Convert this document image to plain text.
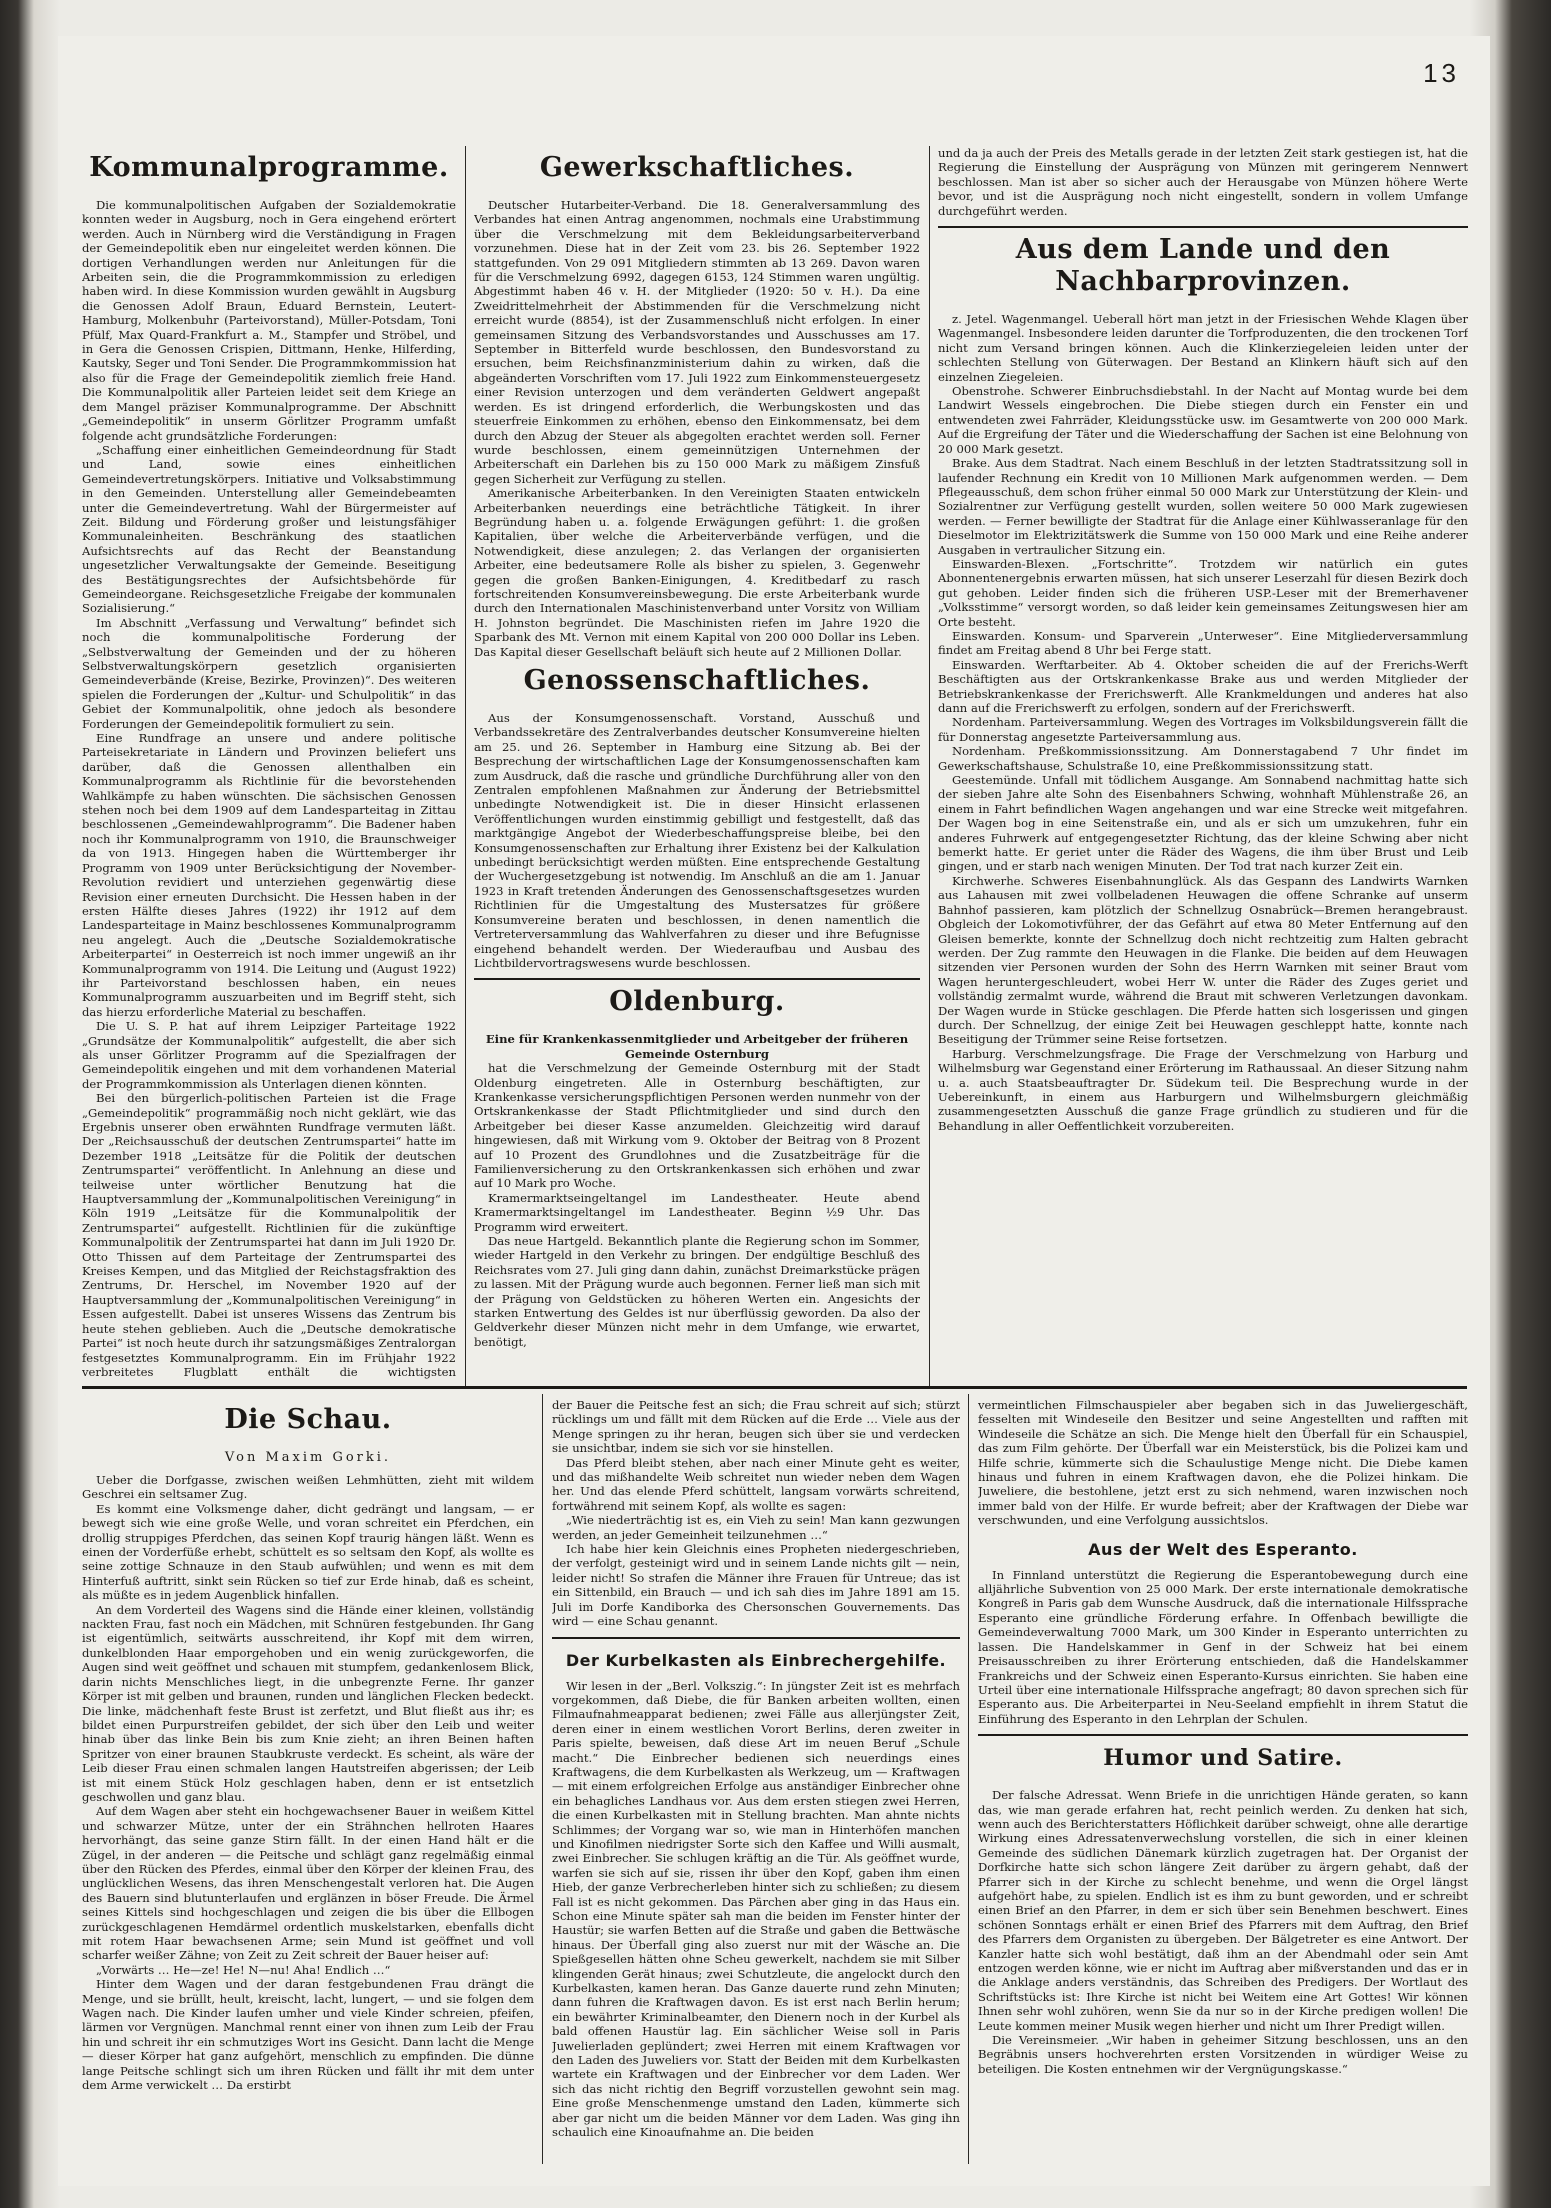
13
Kommunalprogramme.

Die kommunalpolitischen Aufgaben der Sozialdemokratie konnten weder in Augsburg, noch in Gera eingehend erörtert werden. Auch in Nürnberg wird die Verständigung in Fragen der Gemeindepolitik eben nur eingeleitet werden können. Die dortigen Verhandlungen werden nur Anleitungen für die Arbeiten sein, die die Programmkommission zu erledigen haben wird. In diese Kommission wurden gewählt in Augsburg die Genossen Adolf Braun, Eduard Bernstein, Leutert-Hamburg, Molkenbuhr (Parteivorstand), Müller-Potsdam, Toni Pfülf, Max Quard-Frankfurt a. M., Stampfer und Ströbel, und in Gera die Genossen Crispien, Dittmann, Henke, Hilferding, Kautsky, Seger und Toni Sender. Die Programmkommission hat also für die Frage der Gemeindepolitik ziemlich freie Hand. Die Kommunalpolitik aller Parteien leidet seit dem Kriege an dem Mangel präziser Kommunalprogramme. Der Abschnitt „Gemeindepolitik“ in unserm Görlitzer Programm umfaßt folgende acht grundsätzliche Forderungen:

„Schaffung einer einheitlichen Gemeindeordnung für Stadt und Land, sowie eines einheitlichen Gemeindevertretungskörpers. Initiative und Volksabstimmung in den Gemeinden. Unterstellung aller Gemeindebeamten unter die Gemeindevertretung. Wahl der Bürgermeister auf Zeit. Bildung und Förderung großer und leistungsfähiger Kommunaleinheiten. Beschränkung des staatlichen Aufsichtsrechts auf das Recht der Beanstandung ungesetzlicher Verwaltungsakte der Gemeinde. Beseitigung des Bestätigungsrechtes der Aufsichtsbehörde für Gemeindeorgane. Reichsgesetzliche Freigabe der kommunalen Sozialisierung.“

Im Abschnitt „Verfassung und Verwaltung“ befindet sich noch die kommunalpolitische Forderung der „Selbstverwaltung der Gemeinden und der zu höheren Selbstverwaltungskörpern gesetzlich organisierten Gemeindeverbände (Kreise, Bezirke, Provinzen)“. Des weiteren spielen die Forderungen der „Kultur- und Schulpolitik“ in das Gebiet der Kommunalpolitik, ohne jedoch als besondere Forderungen der Gemeindepolitik formuliert zu sein.

Eine Rundfrage an unsere und andere politische Parteisekretariate in Ländern und Provinzen beliefert uns darüber, daß die Genossen allenthalben ein Kommunalprogramm als Richtlinie für die bevorstehenden Wahlkämpfe zu haben wünschten. Die sächsischen Genossen stehen noch bei dem 1909 auf dem Landesparteitag in Zittau beschlossenen „Gemeindewahlprogramm“. Die Badener haben noch ihr Kommunalprogramm von 1910, die Braunschweiger da von 1913. Hingegen haben die Württemberger ihr Programm von 1909 unter Berücksichtigung der November-Revolution revidiert und unterziehen gegenwärtig diese Revision einer erneuten Durchsicht. Die Hessen haben in der ersten Hälfte dieses Jahres (1922) ihr 1912 auf dem Landesparteitage in Mainz beschlossenes Kommunalprogramm neu angelegt. Auch die „Deutsche Sozialdemokratische Arbeiterpartei“ in Oesterreich ist noch immer ungewiß an ihr Kommunalprogramm von 1914. Die Leitung und (August 1922) ihr Parteivorstand beschlossen haben, ein neues Kommunalprogramm auszuarbeiten und im Begriff steht, sich das hierzu erforderliche Material zu beschaffen.

Die U. S. P. hat auf ihrem Leipziger Parteitage 1922 „Grundsätze der Kommunalpolitik“ aufgestellt, die aber sich als unser Görlitzer Programm auf die Spezialfragen der Gemeindepolitik eingehen und mit dem vorhandenen Material der Programmkommission als Unterlagen dienen könnten.

Bei den bürgerlich-politischen Parteien ist die Frage „Gemeindepolitik“ programmäßig noch nicht geklärt, wie das Ergebnis unserer oben erwähnten Rundfrage vermuten läßt. Der „Reichsausschuß der deutschen Zentrumspartei“ hatte im Dezember 1918 „Leitsätze für die Politik der deutschen Zentrumspartei“ veröffentlicht. In Anlehnung an diese und teilweise unter wörtlicher Benutzung hat die Hauptversammlung der „Kommunalpolitischen Vereinigung“ in Köln 1919 „Leitsätze für die Kommunalpolitik der Zentrumspartei“ aufgestellt. Richtlinien für die zukünftige Kommunalpolitik der Zentrumspartei hat dann im Juli 1920 Dr. Otto Thissen auf dem Parteitage der Zentrumspartei des Kreises Kempen, und das Mitglied der Reichstagsfraktion des Zentrums, Dr. Herschel, im November 1920 auf der Hauptversammlung der „Kommunalpolitischen Vereinigung“ in Essen aufgestellt. Dabei ist unseres Wissens das Zentrum bis heute stehen geblieben. Auch die „Deutsche demokratische Partei“ ist noch heute durch ihr satzungsmäßiges Zentralorgan festgesetztes Kommunalprogramm. Ein im Frühjahr 1922 verbreitetes Flugblatt enthält die wichtigsten

Gewerkschaftliches.

Deutscher Hutarbeiter-Verband. Die 18. Generalversammlung des Verbandes hat einen Antrag angenommen, nochmals eine Urabstimmung über die Verschmelzung mit dem Bekleidungsarbeiterverband vorzunehmen. Diese hat in der Zeit vom 23. bis 26. September 1922 stattgefunden. Von 29 091 Mitgliedern stimmten ab 13 269. Davon waren für die Verschmelzung 6992, dagegen 6153, 124 Stimmen waren ungültig. Abgestimmt haben 46 v. H. der Mitglieder (1920: 50 v. H.). Da eine Zweidrittelmehrheit der Abstimmenden für die Verschmelzung nicht erreicht wurde (8854), ist der Zusammenschluß nicht erfolgen. In einer gemeinsamen Sitzung des Verbandsvorstandes und Ausschusses am 17. September in Bitterfeld wurde beschlossen, den Bundesvorstand zu ersuchen, beim Reichsfinanzministerium dahin zu wirken, daß die abgeänderten Vorschriften vom 17. Juli 1922 zum Einkommensteuergesetz einer Revision unterzogen und dem veränderten Geldwert angepaßt werden. Es ist dringend erforderlich, die Werbungskosten und das steuerfreie Einkommen zu erhöhen, ebenso den Einkommensatz, bei dem durch den Abzug der Steuer als abgegolten erachtet werden soll. Ferner wurde beschlossen, einem gemeinnützigen Unternehmen der Arbeiterschaft ein Darlehen bis zu 150 000 Mark zu mäßigem Zinsfuß gegen Sicherheit zur Verfügung zu stellen.

Amerikanische Arbeiterbanken. In den Vereinigten Staaten entwickeln Arbeiterbanken neuerdings eine beträchtliche Tätigkeit. In ihrer Begründung haben u. a. folgende Erwägungen geführt: 1. die großen Kapitalien, über welche die Arbeiterverbände verfügen, und die Notwendigkeit, diese anzulegen; 2. das Verlangen der organisierten Arbeiter, eine bedeutsamere Rolle als bisher zu spielen, 3. Gegenwehr gegen die großen Banken-Einigungen, 4. Kreditbedarf zu rasch fortschreitenden Konsumvereinsbewegung. Die erste Arbeiterbank wurde durch den Internationalen Maschinistenverband unter Vorsitz von William H. Johnston begründet. Die Maschinisten riefen im Jahre 1920 die Sparbank des Mt. Vernon mit einem Kapital von 200 000 Dollar ins Leben. Das Kapital dieser Gesellschaft beläuft sich heute auf 2 Millionen Dollar.

Genossenschaftliches.

Aus der Konsumgenossenschaft. Vorstand, Ausschuß und Verbandssekretäre des Zentralverbandes deutscher Konsumvereine hielten am 25. und 26. September in Hamburg eine Sitzung ab. Bei der Besprechung der wirtschaftlichen Lage der Konsumgenossenschaften kam zum Ausdruck, daß die rasche und gründliche Durchführung aller von den Zentralen empfohlenen Maßnahmen zur Änderung der Betriebsmittel unbedingte Notwendigkeit ist. Die in dieser Hinsicht erlassenen Veröffentlichungen wurden einstimmig gebilligt und festgestellt, daß das marktgängige Angebot der Wiederbeschaffungspreise bleibe, bei den Konsumgenossenschaften zur Erhaltung ihrer Existenz bei der Kalkulation unbedingt berücksichtigt werden müßten. Eine entsprechende Gestaltung der Wuchergesetzgebung ist notwendig. Im Anschluß an die am 1. Januar 1923 in Kraft tretenden Änderungen des Genossenschaftsgesetzes wurden Richtlinien für die Umgestaltung des Mustersatzes für größere Konsumvereine beraten und beschlossen, in denen namentlich die Vertreterversammlung das Wahlverfahren zu dieser und ihre Befugnisse eingehend behandelt werden. Der Wiederaufbau und Ausbau des Lichtbildervortragswesens wurde beschlossen.

Oldenburg.

Eine für Krankenkassenmitglieder und Arbeitgeber der früheren Gemeinde Osternburg

hat die Verschmelzung der Gemeinde Osternburg mit der Stadt Oldenburg eingetreten. Alle in Osternburg beschäftigten, zur Krankenkasse versicherungspflichtigen Personen werden nunmehr von der Ortskrankenkasse der Stadt Pflichtmitglieder und sind durch den Arbeitgeber bei dieser Kasse anzumelden. Gleichzeitig wird darauf hingewiesen, daß mit Wirkung vom 9. Oktober der Beitrag von 8 Prozent auf 10 Prozent des Grundlohnes und die Zusatzbeiträge für die Familienversicherung zu den Ortskrankenkassen sich erhöhen und zwar auf 10 Mark pro Woche.

Kramermarktseingeltangel im Landestheater. Heute abend Kramermarktsingeltangel im Landestheater. Beginn ½9 Uhr. Das Programm wird erweitert.

Das neue Hartgeld. Bekanntlich plante die Regierung schon im Sommer, wieder Hartgeld in den Verkehr zu bringen. Der endgültige Beschluß des Reichsrates vom 27. Juli ging dann dahin, zunächst Dreimarkstücke prägen zu lassen. Mit der Prägung wurde auch begonnen. Ferner ließ man sich mit der Prägung von Geldstücken zu höheren Werten ein. Angesichts der starken Entwertung des Geldes ist nur überflüssig geworden. Da also der Geldverkehr dieser Münzen nicht mehr in dem Umfange, wie erwartet, benötigt,

und da ja auch der Preis des Metalls gerade in der letzten Zeit stark gestiegen ist, hat die Regierung die Einstellung der Ausprägung von Münzen mit geringerem Nennwert beschlossen. Man ist aber so sicher auch der Herausgabe von Münzen höhere Werte bevor, und ist die Ausprägung noch nicht eingestellt, sondern in vollem Umfange durchgeführt werden.

Aus dem Lande und den Nachbarprovinzen.

z. Jetel. Wagenmangel. Ueberall hört man jetzt in der Friesischen Wehde Klagen über Wagenmangel. Insbesondere leiden darunter die Torfproduzenten, die den trockenen Torf nicht zum Versand bringen können. Auch die Klinkerziegeleien leiden unter der schlechten Stellung von Güterwagen. Der Bestand an Klinkern häuft sich auf den einzelnen Ziegeleien.

Obenstrohe. Schwerer Einbruchsdiebstahl. In der Nacht auf Montag wurde bei dem Landwirt Wessels eingebrochen. Die Diebe stiegen durch ein Fenster ein und entwendeten zwei Fahrräder, Kleidungsstücke usw. im Gesamtwerte von 200 000 Mark. Auf die Ergreifung der Täter und die Wiederschaffung der Sachen ist eine Belohnung von 20 000 Mark gesetzt.

Brake. Aus dem Stadtrat. Nach einem Beschluß in der letzten Stadtratssitzung soll in laufender Rechnung ein Kredit von 10 Millionen Mark aufgenommen werden. — Dem Pflegeausschuß, dem schon früher einmal 50 000 Mark zur Unterstützung der Klein- und Sozialrentner zur Verfügung gestellt wurden, sollen weitere 50 000 Mark zugewiesen werden. — Ferner bewilligte der Stadtrat für die Anlage einer Kühlwasseranlage für den Dieselmotor im Elektrizitätswerk die Summe von 150 000 Mark und eine Reihe anderer Ausgaben in vertraulicher Sitzung ein.

Einswarden-Blexen. „Fortschritte“. Trotzdem wir natürlich ein gutes Abonnentenergebnis erwarten müssen, hat sich unserer Leserzahl für diesen Bezirk doch gut gehoben. Leider finden sich die früheren USP.-Leser mit der Bremerhavener „Volksstimme“ versorgt worden, so daß leider kein gemeinsames Zeitungswesen hier am Orte besteht.

Einswarden. Konsum- und Sparverein „Unterweser“. Eine Mitgliederversammlung findet am Freitag abend 8 Uhr bei Ferge statt.

Einswarden. Werftarbeiter. Ab 4. Oktober scheiden die auf der Frerichs-Werft Beschäftigten aus der Ortskrankenkasse Brake aus und werden Mitglieder der Betriebskrankenkasse der Frerichswerft. Alle Krankmeldungen und anderes hat also dann auf die Frerichswerft zu erfolgen, sondern auf der Frerichswerft.

Nordenham. Parteiversammlung. Wegen des Vortrages im Volksbildungsverein fällt die für Donnerstag angesetzte Parteiversammlung aus.

Nordenham. Preßkommissionssitzung. Am Donnerstagabend 7 Uhr findet im Gewerkschaftshause, Schulstraße 10, eine Preßkommissionssitzung statt.

Geestemünde. Unfall mit tödlichem Ausgange. Am Sonnabend nachmittag hatte sich der sieben Jahre alte Sohn des Eisenbahners Schwing, wohnhaft Mühlenstraße 26, an einem in Fahrt befindlichen Wagen angehangen und war eine Strecke weit mitgefahren. Der Wagen bog in eine Seitenstraße ein, und als er sich um umzukehren, fuhr ein anderes Fuhrwerk auf entgegengesetzter Richtung, das der kleine Schwing aber nicht bemerkt hatte. Er geriet unter die Räder des Wagens, die ihm über Brust und Leib gingen, und er starb nach wenigen Minuten. Der Tod trat nach kurzer Zeit ein.

Kirchwerhe. Schweres Eisenbahnunglück. Als das Gespann des Landwirts Warnken aus Lahausen mit zwei vollbeladenen Heuwagen die offene Schranke auf unserm Bahnhof passieren, kam plötzlich der Schnellzug Osnabrück—Bremen herangebraust. Obgleich der Lokomotivführer, der das Gefährt auf etwa 80 Meter Entfernung auf den Gleisen bemerkte, konnte der Schnellzug doch nicht rechtzeitig zum Halten gebracht werden. Der Zug rammte den Heuwagen in die Flanke. Die beiden auf dem Heuwagen sitzenden vier Personen wurden der Sohn des Herrn Warnken mit seiner Braut vom Wagen heruntergeschleudert, wobei Herr W. unter die Räder des Zuges geriet und vollständig zermalmt wurde, während die Braut mit schweren Verletzungen davonkam. Der Wagen wurde in Stücke geschlagen. Die Pferde hatten sich losgerissen und gingen durch. Der Schnellzug, der einige Zeit bei Heuwagen geschleppt hatte, konnte nach Beseitigung der Trümmer seine Reise fortsetzen.

Harburg. Verschmelzungsfrage. Die Frage der Verschmelzung von Harburg und Wilhelmsburg war Gegenstand einer Erörterung im Rathaussaal. An dieser Sitzung nahm u. a. auch Staatsbeauftragter Dr. Südekum teil. Die Besprechung wurde in der Uebereinkunft, in einem aus Harburgern und Wilhelmsburgern gleichmäßig zusammengesetzten Ausschuß die ganze Frage gründlich zu studieren und für die Behandlung in aller Oeffentlichkeit vorzubereiten.

Die Schau.
Von Maxim Gorki.

Ueber die Dorfgasse, zwischen weißen Lehmhütten, zieht mit wildem Geschrei ein seltsamer Zug.

Es kommt eine Volksmenge daher, dicht gedrängt und langsam, — er bewegt sich wie eine große Welle, und voran schreitet ein Pferdchen, ein drollig struppiges Pferdchen, das seinen Kopf traurig hängen läßt. Wenn es einen der Vorderfüße erhebt, schüttelt es so seltsam den Kopf, als wollte es seine zottige Schnauze in den Staub aufwühlen; und wenn es mit dem Hinterfuß auftritt, sinkt sein Rücken so tief zur Erde hinab, daß es scheint, als müßte es in jedem Augenblick hinfallen.

An dem Vorderteil des Wagens sind die Hände einer kleinen, vollständig nackten Frau, fast noch ein Mädchen, mit Schnüren festgebunden. Ihr Gang ist eigentümlich, seitwärts ausschreitend, ihr Kopf mit dem wirren, dunkelblonden Haar emporgehoben und ein wenig zurückgeworfen, die Augen sind weit geöffnet und schauen mit stumpfem, gedankenlosem Blick, darin nichts Menschliches liegt, in die unbegrenzte Ferne. Ihr ganzer Körper ist mit gelben und braunen, runden und länglichen Flecken bedeckt. Die linke, mädchenhaft feste Brust ist zerfetzt, und Blut fließt aus ihr; es bildet einen Purpurstreifen gebildet, der sich über den Leib und weiter hinab über das linke Bein bis zum Knie zieht; an ihren Beinen haften Spritzer von einer braunen Staubkruste verdeckt. Es scheint, als wäre der Leib dieser Frau einen schmalen langen Hautstreifen abgerissen; der Leib ist mit einem Stück Holz geschlagen haben, denn er ist entsetzlich geschwollen und ganz blau.

Auf dem Wagen aber steht ein hochgewachsener Bauer in weißem Kittel und schwarzer Mütze, unter der ein Strähnchen hellroten Haares hervorhängt, das seine ganze Stirn fällt. In der einen Hand hält er die Zügel, in der anderen — die Peitsche und schlägt ganz regelmäßig einmal über den Rücken des Pferdes, einmal über den Körper der kleinen Frau, des unglücklichen Wesens, das ihren Menschengestalt verloren hat. Die Augen des Bauern sind blutunterlaufen und erglänzen in böser Freude. Die Ärmel seines Kittels sind hochgeschlagen und zeigen die bis über die Ellbogen zurückgeschlagenen Hemdärmel ordentlich muskelstarken, ebenfalls dicht mit rotem Haar bewachsenen Arme; sein Mund ist geöffnet und voll scharfer weißer Zähne; von Zeit zu Zeit schreit der Bauer heiser auf:

„Vorwärts … He—ze! He! N—nu! Aha! Endlich …“

Hinter dem Wagen und der daran festgebundenen Frau drängt die Menge, und sie brüllt, heult, kreischt, lacht, lungert, — und sie folgen dem Wagen nach. Die Kinder laufen umher und viele Kinder schreien, pfeifen, lärmen vor Vergnügen. Manchmal rennt einer von ihnen zum Leib der Frau hin und schreit ihr ein schmutziges Wort ins Gesicht. Dann lacht die Menge — dieser Körper hat ganz aufgehört, menschlich zu empfinden. Die dünne lange Peitsche schlingt sich um ihren Rücken und fällt ihr mit dem unter dem Arme verwickelt … Da erstirbt

der Bauer die Peitsche fest an sich; die Frau schreit auf sich; stürzt rücklings um und fällt mit dem Rücken auf die Erde … Viele aus der Menge springen zu ihr heran, beugen sich über sie und verdecken sie unsichtbar, indem sie sich vor sie hinstellen.

Das Pferd bleibt stehen, aber nach einer Minute geht es weiter, und das mißhandelte Weib schreitet nun wieder neben dem Wagen her. Und das elende Pferd schüttelt, langsam vorwärts schreitend, fortwährend mit seinem Kopf, als wollte es sagen:

„Wie niederträchtig ist es, ein Vieh zu sein! Man kann gezwungen werden, an jeder Gemeinheit teilzunehmen …“

Ich habe hier kein Gleichnis eines Propheten niedergeschrieben, der verfolgt, gesteinigt wird und in seinem Lande nichts gilt — nein, leider nicht! So strafen die Männer ihre Frauen für Untreue; das ist ein Sittenbild, ein Brauch — und ich sah dies im Jahre 1891 am 15. Juli im Dorfe Kandiborka des Chersonschen Gouvernements. Das wird — eine Schau genannt.

Der Kurbelkasten als Einbrechergehilfe.

Wir lesen in der „Berl. Volkszig.“: In jüngster Zeit ist es mehrfach vorgekommen, daß Diebe, die für Banken arbeiten wollten, einen Filmaufnahmeapparat bedienen; zwei Fälle aus allerjüngster Zeit, deren einer in einem westlichen Vorort Berlins, deren zweiter in Paris spielte, beweisen, daß diese Art im neuen Beruf „Schule macht.“ Die Einbrecher bedienen sich neuerdings eines Kraftwagens, die dem Kurbelkasten als Werkzeug, um — Kraftwagen — mit einem erfolgreichen Erfolge aus anständiger Einbrecher ohne ein behagliches Landhaus vor. Aus dem ersten stiegen zwei Herren, die einen Kurbelkasten mit in Stellung brachten. Man ahnte nichts Schlimmes; der Vorgang war so, wie man in Hinterhöfen manchen und Kinofilmen niedrigster Sorte sich den Kaffee und Willi ausmalt, zwei Einbrecher. Sie schlugen kräftig an die Tür. Als geöffnet wurde, warfen sie sich auf sie, rissen ihr über den Kopf, gaben ihm einen Hieb, der ganze Verbrecherleben hinter sich zu schließen; zu diesem Fall ist es nicht gekommen. Das Pärchen aber ging in das Haus ein. Schon eine Minute später sah man die beiden im Fenster hinter der Haustür; sie warfen Betten auf die Straße und gaben die Bettwäsche hinaus. Der Überfall ging also zuerst nur mit der Wäsche an. Die Spießgesellen hätten ohne Scheu gewerkelt, nachdem sie mit Silber klingenden Gerät hinaus; zwei Schutzleute, die angelockt durch den Kurbelkasten, kamen heran. Das Ganze dauerte rund zehn Minuten; dann fuhren die Kraftwagen davon. Es ist erst nach Berlin herum; ein bewährter Kriminalbeamter, den Dienern noch in der Kurbel als bald offenen Haustür lag. Ein sächlicher Weise soll in Paris Juwelierladen geplündert; zwei Herren mit einem Kraftwagen vor den Laden des Juweliers vor. Statt der Beiden mit dem Kurbelkasten wartete ein Kraftwagen und der Einbrecher vor dem Laden. Wer sich das nicht richtig den Begriff vorzustellen gewohnt sein mag. Eine große Menschenmenge umstand den Laden, kümmerte sich aber gar nicht um die beiden Männer vor dem Laden. Was ging ihn schaulich eine Kinoaufnahme an. Die beiden

vermeintlichen Filmschauspieler aber begaben sich in das Juweliergeschäft, fesselten mit Windeseile den Besitzer und seine Angestellten und rafften mit Windeseile die Schätze an sich. Die Menge hielt den Überfall für ein Schauspiel, das zum Film gehörte. Der Überfall war ein Meisterstück, bis die Polizei kam und Hilfe schrie, kümmerte sich die Schaulustige Menge nicht. Die Diebe kamen hinaus und fuhren in einem Kraftwagen davon, ehe die Polizei hinkam. Die Juweliere, die bestohlene, jetzt erst zu sich nehmend, waren inzwischen noch immer bald von der Hilfe. Er wurde befreit; aber der Kraftwagen der Diebe war verschwunden, und eine Verfolgung aussichtslos.

Aus der Welt des Esperanto.

In Finnland unterstützt die Regierung die Esperantobewegung durch eine alljährliche Subvention von 25 000 Mark. Der erste internationale demokratische Kongreß in Paris gab dem Wunsche Ausdruck, daß die internationale Hilfssprache Esperanto eine gründliche Förderung erfahre. In Offenbach bewilligte die Gemeindeverwaltung 7000 Mark, um 300 Kinder in Esperanto unterrichten zu lassen. Die Handelskammer in Genf in der Schweiz hat bei einem Preisausschreiben zu ihrer Erörterung entschieden, daß die Handelskammer Frankreichs und der Schweiz einen Esperanto-Kursus einrichten. Sie haben eine Urteil über eine internationale Hilfssprache angefragt; 80 davon sprechen sich für Esperanto aus. Die Arbeiterpartei in Neu-Seeland empfiehlt in ihrem Statut die Einführung des Esperanto in den Lehrplan der Schulen.

Humor und Satire.

Der falsche Adressat. Wenn Briefe in die unrichtigen Hände geraten, so kann das, wie man gerade erfahren hat, recht peinlich werden. Zu denken hat sich, wenn auch des Berichterstatters Höflichkeit darüber schweigt, ohne alle derartige Wirkung eines Adressatenverwechslung vorstellen, die sich in einer kleinen Gemeinde des südlichen Dänemark kürzlich zugetragen hat. Der Organist der Dorfkirche hatte sich schon längere Zeit darüber zu ärgern gehabt, daß der Pfarrer sich in der Kirche zu schlecht benehme, und wenn die Orgel längst aufgehört habe, zu spielen. Endlich ist es ihm zu bunt geworden, und er schreibt einen Brief an den Pfarrer, in dem er sich über sein Benehmen beschwert. Eines schönen Sonntags erhält er einen Brief des Pfarrers mit dem Auftrag, den Brief des Pfarrers dem Organisten zu übergeben. Der Bälgetreter es eine Antwort. Der Kanzler hatte sich wohl bestätigt, daß ihm an der Abendmahl oder sein Amt entzogen werden könne, wie er nicht im Auftrag aber mißverstanden und das er in die Anklage anders verständnis, das Schreiben des Predigers. Der Wortlaut des Schriftstücks ist: Ihre Kirche ist nicht bei Weitem eine Art Gottes! Wir können Ihnen sehr wohl zuhören, wenn Sie da nur so in der Kirche predigen wollen! Die Leute kommen meiner Musik wegen hierher und nicht um Ihrer Predigt willen.

Die Vereinsmeier. „Wir haben in geheimer Sitzung beschlossen, uns an den Begräbnis unsers hochverehrten ersten Vorsitzenden in würdiger Weise zu beteiligen. Die Kosten entnehmen wir der Vergnügungskasse.“
